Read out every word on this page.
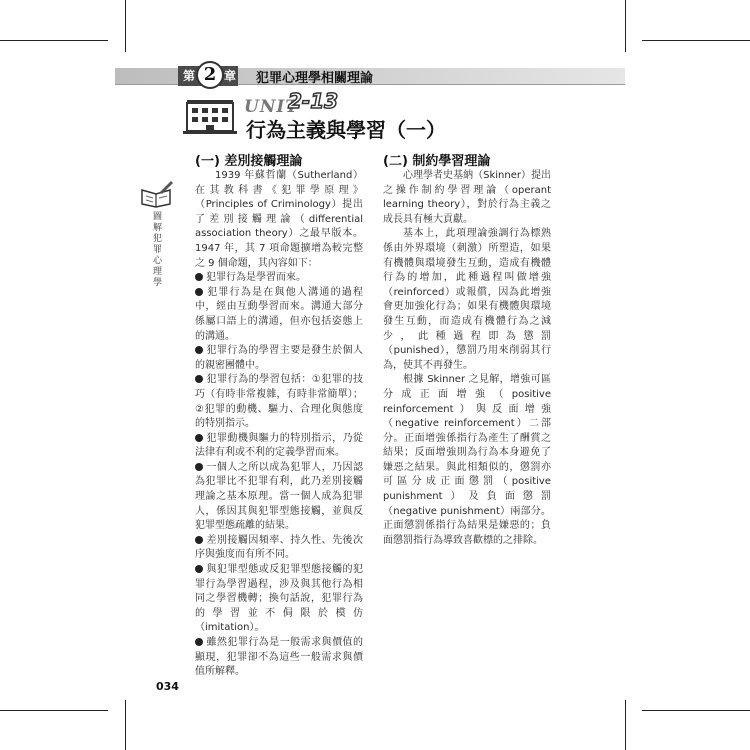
第 2 章 犯罪心理學相關理論
UNIT
2-13
行為主義與學習（一）
圖解犯罪心理學
(一) 差別接觸理論

1939 年蘇哲蘭（Sutherland）在其教科書《犯罪學原理》（Principles of Criminology）提出了差別接觸理論（differential association theory）之最早版本。1947 年，其 7 項命題擴增為較完整之 9 個命題，其內容如下：

犯罪行為是學習而來。

犯罪行為是在與他人溝通的過程中，經由互動學習而來。溝通大部分係屬口語上的溝通，但亦包括姿態上的溝通。

犯罪行為的學習主要是發生於個人的親密團體中。

犯罪行為的學習包括：①犯罪的技巧（有時非常複雜，有時非常簡單）；②犯罪的動機、驅力、合理化與態度的特別指示。

犯罪動機與驅力的特別指示，乃從法律有利或不利的定義學習而來。

一個人之所以成為犯罪人，乃因認為犯罪比不犯罪有利，此乃差別接觸理論之基本原理。當一個人成為犯罪人，係因其與犯罪型態接觸，並與反犯罪型態疏離的結果。

差別接觸因頻率、持久性、先後次序與強度而有所不同。

與犯罪型態或反犯罪型態接觸的犯罪行為學習過程，涉及與其他行為相同之學習機轉；換句話說，犯罪行為的學習並不侷限於模仿（imitation）。

雖然犯罪行為是一般需求與價值的顯現，犯罪卻不為這些一般需求與價值所解釋。

(二) 制約學習理論

心理學者史基納（Skinner）提出之操作制約學習理論（operant learning theory），對於行為主義之成長具有極大貢獻。

基本上，此項理論強調行為標熟係由外界環境（刺激）所塑造，如果有機體與環境發生互動，造成有機體行為的增加，此種過程叫做增強（reinforced）或報償，因為此增強會更加強化行為；如果有機體與環境發生互動，而造成有機體行為之減少，此種過程即為懲罰（punished），懲罰乃用來削弱其行為，使其不再發生。

根據 Skinner 之見解，增強可區分成正面增強（positive reinforcement）與反面增強（negative reinforcement）二部分。正面增強係指行為產生了酬賞之結果；反面增強則為行為本身避免了嫌惡之結果。與此相類似的，懲罰亦可區分成正面懲罰（positive punishment）及負面懲罰（negative punishment）兩部分。正面懲罰係指行為結果是嫌惡的；負面懲罰指行為導致喜歡標的之排除。

034
